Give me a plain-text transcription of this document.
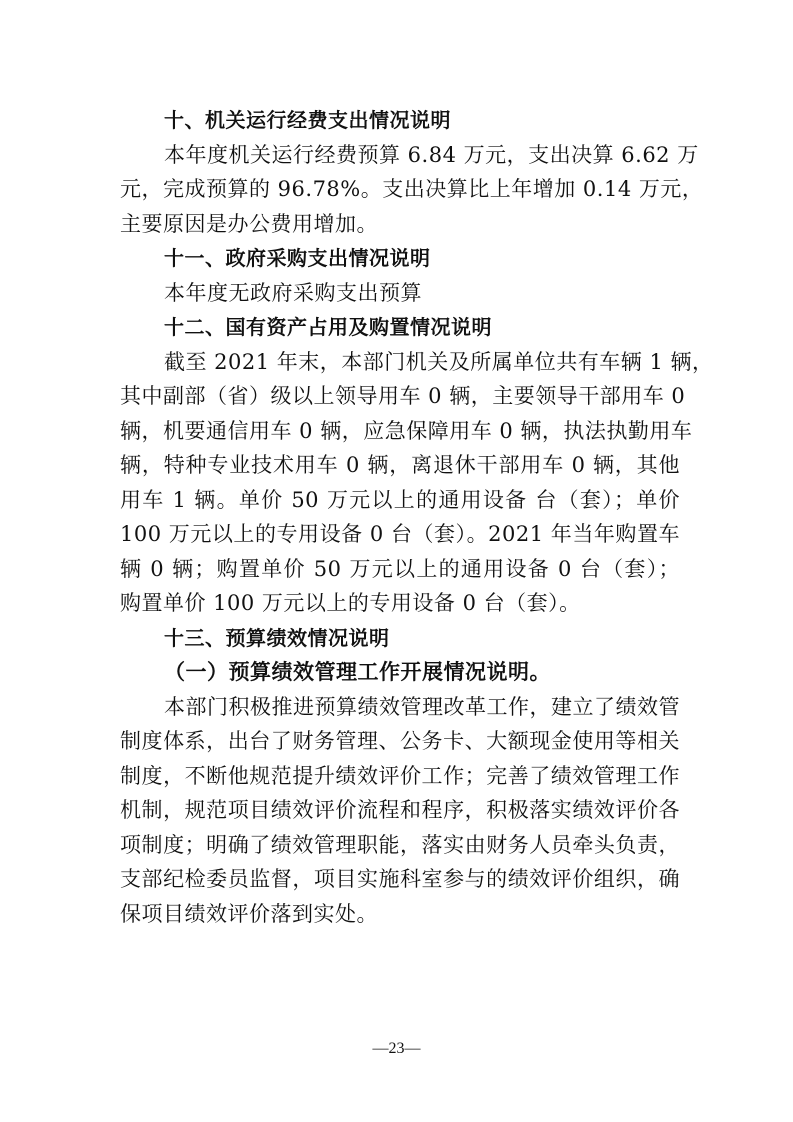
十、机关运行经费支出情况说明
本年度机关运行经费预算 6.84 万元，支出决算 6.62 万
元，完成预算的 96.78%。支出决算比上年增加 0.14 万元，
主要原因是办公费用增加。
十一、政府采购支出情况说明
本年度无政府采购支出预算
十二、国有资产占用及购置情况说明
截至 2021 年末，本部门机关及所属单位共有车辆 1 辆，
其中副部（省）级以上领导用车 0 辆，主要领导干部用车 0
辆，机要通信用车 0 辆，应急保障用车 0 辆，执法执勤用车
辆，特种专业技术用车 0 辆，离退休干部用车 0 辆，其他
用车 1 辆。单价 50 万元以上的通用设备 台（套）；单价
100 万元以上的专用设备 0 台（套）。2021 年当年购置车
辆 0 辆；购置单价 50 万元以上的通用设备 0 台（套）；
购置单价 100 万元以上的专用设备 0 台（套）。
十三、预算绩效情况说明
（一）预算绩效管理工作开展情况说明。
本部门积极推进预算绩效管理改革工作，建立了绩效管
制度体系，出台了财务管理、公务卡、大额现金使用等相关
制度，不断他规范提升绩效评价工作；完善了绩效管理工作
机制，规范项目绩效评价流程和程序，积极落实绩效评价各
项制度；明确了绩效管理职能，落实由财务人员牵头负责，
支部纪检委员监督，项目实施科室参与的绩效评价组织，确
保项目绩效评价落到实处。
—23—
